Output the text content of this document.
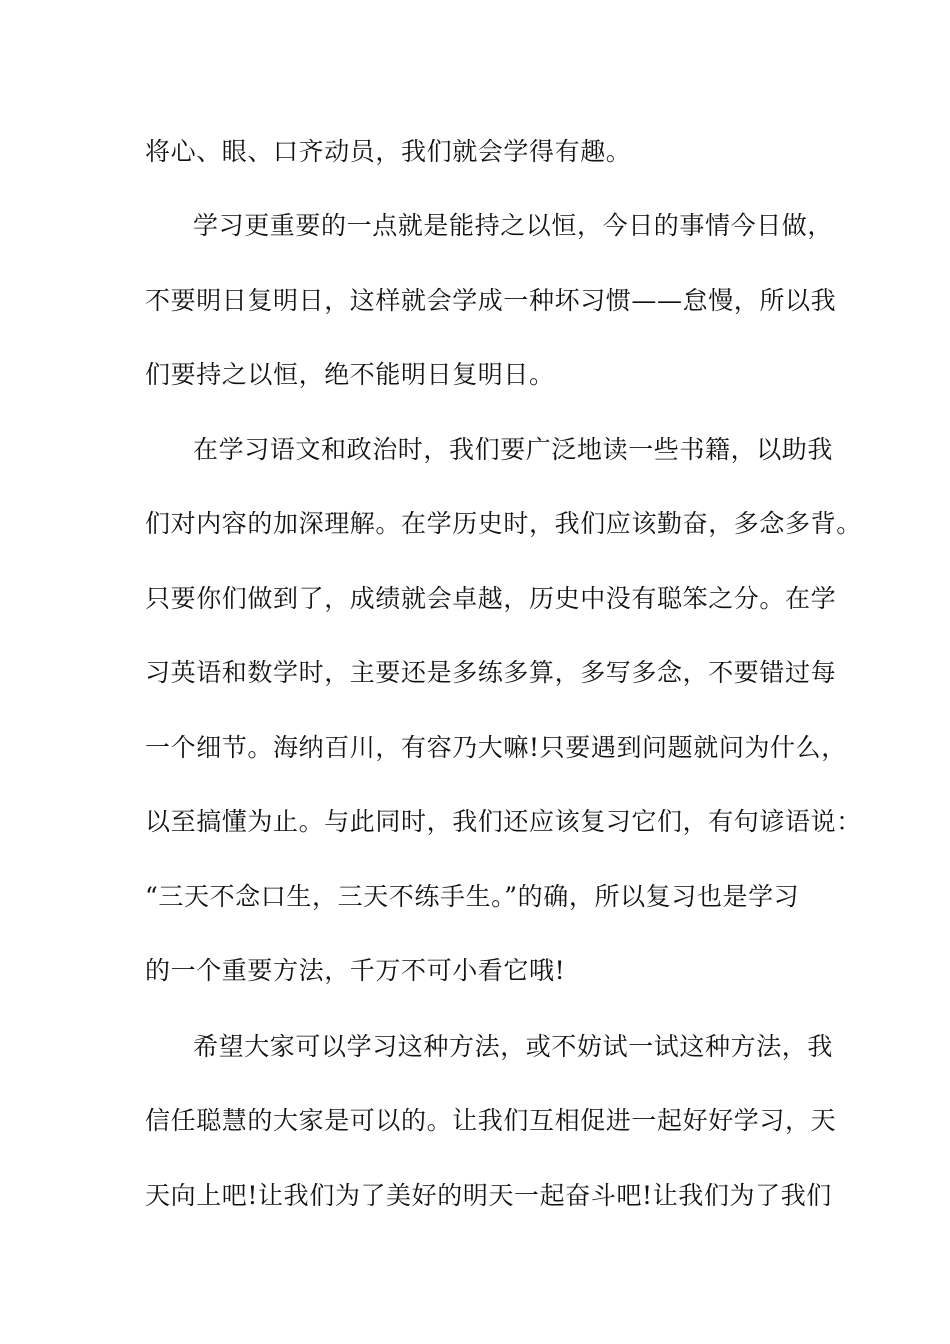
将心、眼、口齐动员，我们就会学得有趣。
学习更重要的一点就是能持之以恒，今日的事情今日做，
不要明日复明日，这样就会学成一种坏习惯——怠慢，所以我
们要持之以恒，绝不能明日复明日。
在学习语文和政治时，我们要广泛地读一些书籍，以助我
们对内容的加深理解。在学历史时，我们应该勤奋，多念多背。
只要你们做到了，成绩就会卓越，历史中没有聪笨之分。在学
习英语和数学时，主要还是多练多算，多写多念，不要错过每
一个细节。海纳百川，有容乃大嘛!只要遇到问题就问为什么，
以至搞懂为止。与此同时，我们还应该复习它们，有句谚语说：
“三天不念口生，三天不练手生。”的确，所以复习也是学习
的一个重要方法，千万不可小看它哦!
希望大家可以学习这种方法，或不妨试一试这种方法，我
信任聪慧的大家是可以的。让我们互相促进一起好好学习，天
天向上吧!让我们为了美好的明天一起奋斗吧!让我们为了我们
